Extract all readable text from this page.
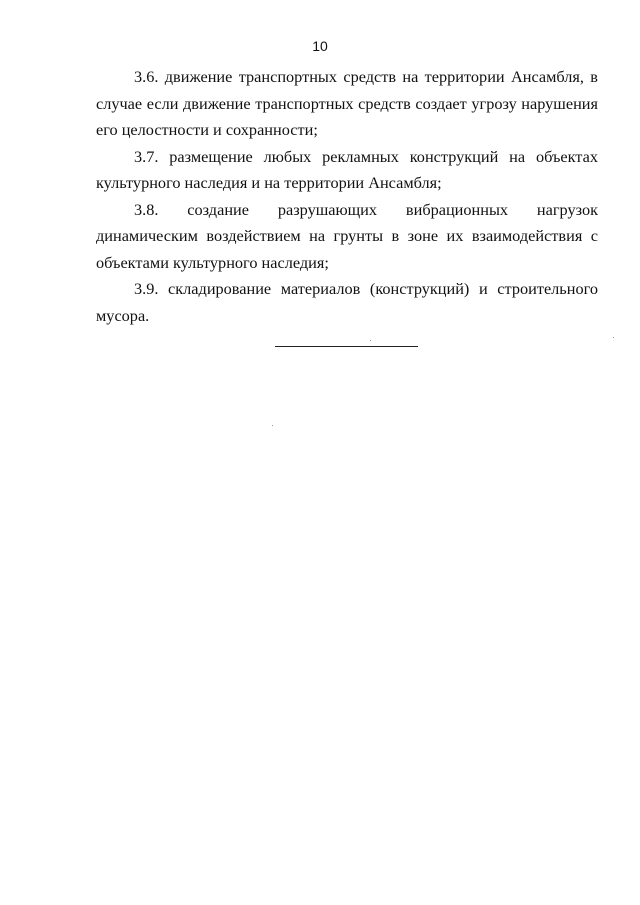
10

3.6. движение транспортных средств на территории Ансамбля, в случае если движение транспортных средств создает угрозу нарушения его целостности и сохранности;

3.7. размещение любых рекламных конструкций на объектах культурного наследия и на территории Ансамбля;

3.8. создание разрушающих вибрационных нагрузок динамическим воздействием на грунты в зоне их взаимодействия с объектами культурного наследия;

3.9. складирование материалов (конструкций) и строительного мусора.
